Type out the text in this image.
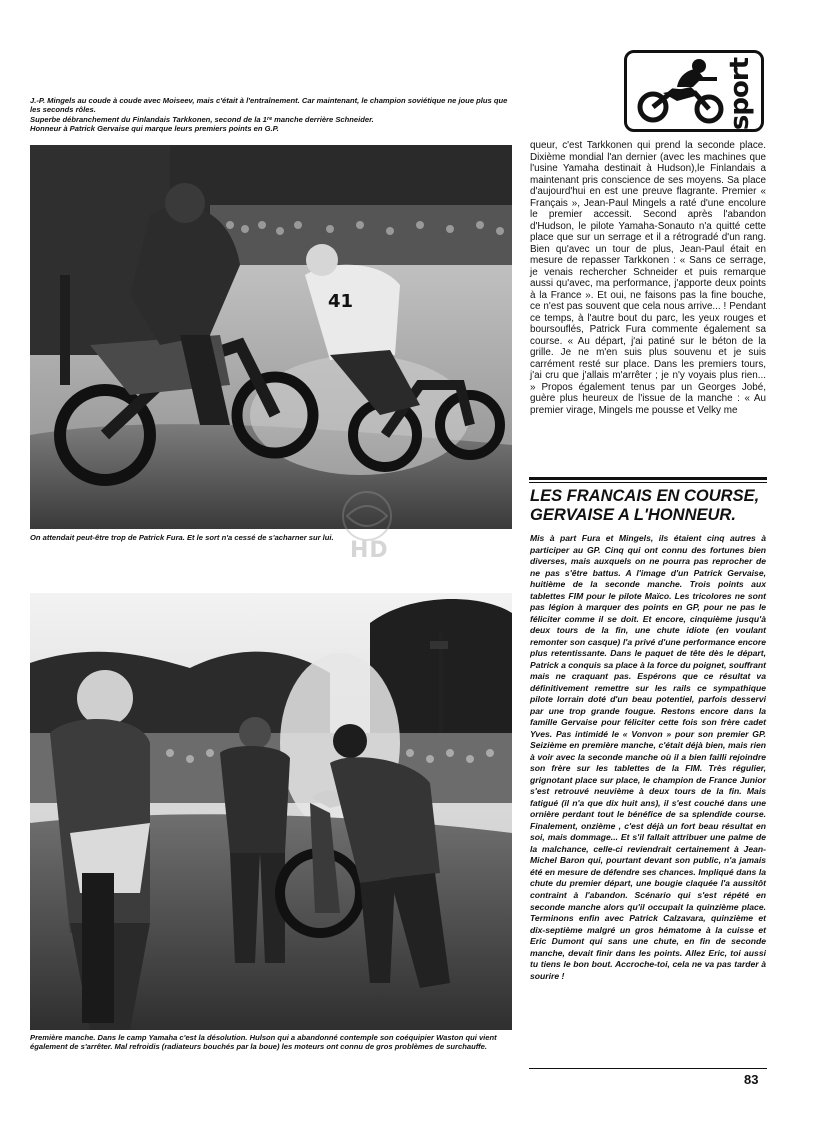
sport

J.-P. Mingels au coude à coude avec Moiseev, mais c'était à l'entraînement. Car maintenant, le champion soviétique ne joue plus que les seconds rôles.
Superbe débranchement du Finlandais Tarkkonen, second de la 1ʳᵉ manche derrière Schneider.
Honneur à Patrick Gervaise qui marque leurs premiers points en G.P.

41
HD

On attendait peut-être trop de Patrick Fura. Et le sort n'a cessé de s'acharner sur lui.

Première manche. Dans le camp Yamaha c'est la désolution. Hulson qui a abandonné contemple son coéquipier Waston qui vient également de s'arrêter. Mal refroidis (radiateurs bouchés par la boue) les moteurs ont connu de gros problèmes de surchauffe.

queur, c'est Tarkkonen qui prend la seconde place. Dixième mondial l'an dernier (avec les machines que l'usine Yamaha destinait à Hudson),le Finlandais a maintenant pris conscience de ses moyens. Sa place d'aujourd'hui en est une preuve flagrante. Premier « Français », Jean-Paul Mingels a raté d'une encolure le premier accessit. Second après l'abandon d'Hudson, le pilote Yamaha-Sonauto n'a quitté cette place que sur un serrage et il a rétrogradé d'un rang. Bien qu'avec un tour de plus, Jean-Paul était en mesure de repasser Tarkkonen : « Sans ce serrage, je venais rechercher Schneider et puis remarque aussi qu'avec, ma performance, j'apporte deux points à la France ». Et oui, ne faisons pas la fine bouche, ce n'est pas souvent que cela nous arrive... ! Pendant ce temps, à l'autre bout du parc, les yeux rouges et boursouflés, Patrick Fura commente également sa course. « Au départ, j'ai patiné sur le béton de la grille. Je ne m'en suis plus souvenu et je suis carrément resté sur place. Dans les premiers tours, j'ai cru que j'allais m'arrêter ; je n'y voyais plus rien... » Propos également tenus par un Georges Jobé, guère plus heureux de l'issue de la manche : « Au premier virage, Mingels me pousse et Velky me

LES FRANCAIS EN COURSE, GERVAISE A L'HONNEUR.

Mis à part Fura et Mingels, ils étaient cinq autres à participer au GP. Cinq qui ont connu des fortunes bien diverses, mais auxquels on ne pourra pas reprocher de ne pas s'être battus. A l'image d'un Patrick Gervaise, huitième de la seconde manche. Trois points aux tablettes FIM pour le pilote Maïco. Les tricolores ne sont pas légion à marquer des points en GP, pour ne pas le féliciter comme il se doit. Et encore, cinquième jusqu'à deux tours de la fin, une chute idiote (en voulant remonter son casque) l'a privé d'une performance encore plus retentissante. Dans le paquet de tête dès le départ, Patrick a conquis sa place à la force du poignet, souffrant mais ne craquant pas. Espérons que ce résultat va définitivement remettre sur les rails ce sympathique pilote lorrain doté d'un beau potentiel, parfois desservi par une trop grande fougue. Restons encore dans la famille Gervaise pour féliciter cette fois son frère cadet Yves. Pas intimidé le « Vonvon » pour son premier GP. Seizième en première manche, c'était déjà bien, mais rien à voir avec la seconde manche où il a bien failli rejoindre son frère sur les tablettes de la FIM. Très régulier, grignotant place sur place, le champion de France Junior s'est retrouvé neuvième à deux tours de la fin. Mais fatigué (il n'a que dix huit ans), il s'est couché dans une ornière perdant tout le bénéfice de sa splendide course. Finalement, onzième , c'est déjà un fort beau résultat en soi, mais dommage... Et s'il fallait attribuer une palme de la malchance, celle-ci reviendrait certainement à Jean-Michel Baron qui, pourtant devant son public, n'a jamais été en mesure de défendre ses chances. Impliqué dans la chute du premier départ, une bougie claquée l'a aussitôt contraint à l'abandon. Scénario qui s'est répété en seconde manche alors qu'il occupait la quinzième place. Terminons enfin avec Patrick Calzavara, quinzième et dix-septième malgré un gros hématome à la cuisse et Eric Dumont qui sans une chute, en fin de seconde manche, devait finir dans les points. Allez Eric, toi aussi tu tiens le bon bout. Accroche-toi, cela ne va pas tarder à sourire !

83
